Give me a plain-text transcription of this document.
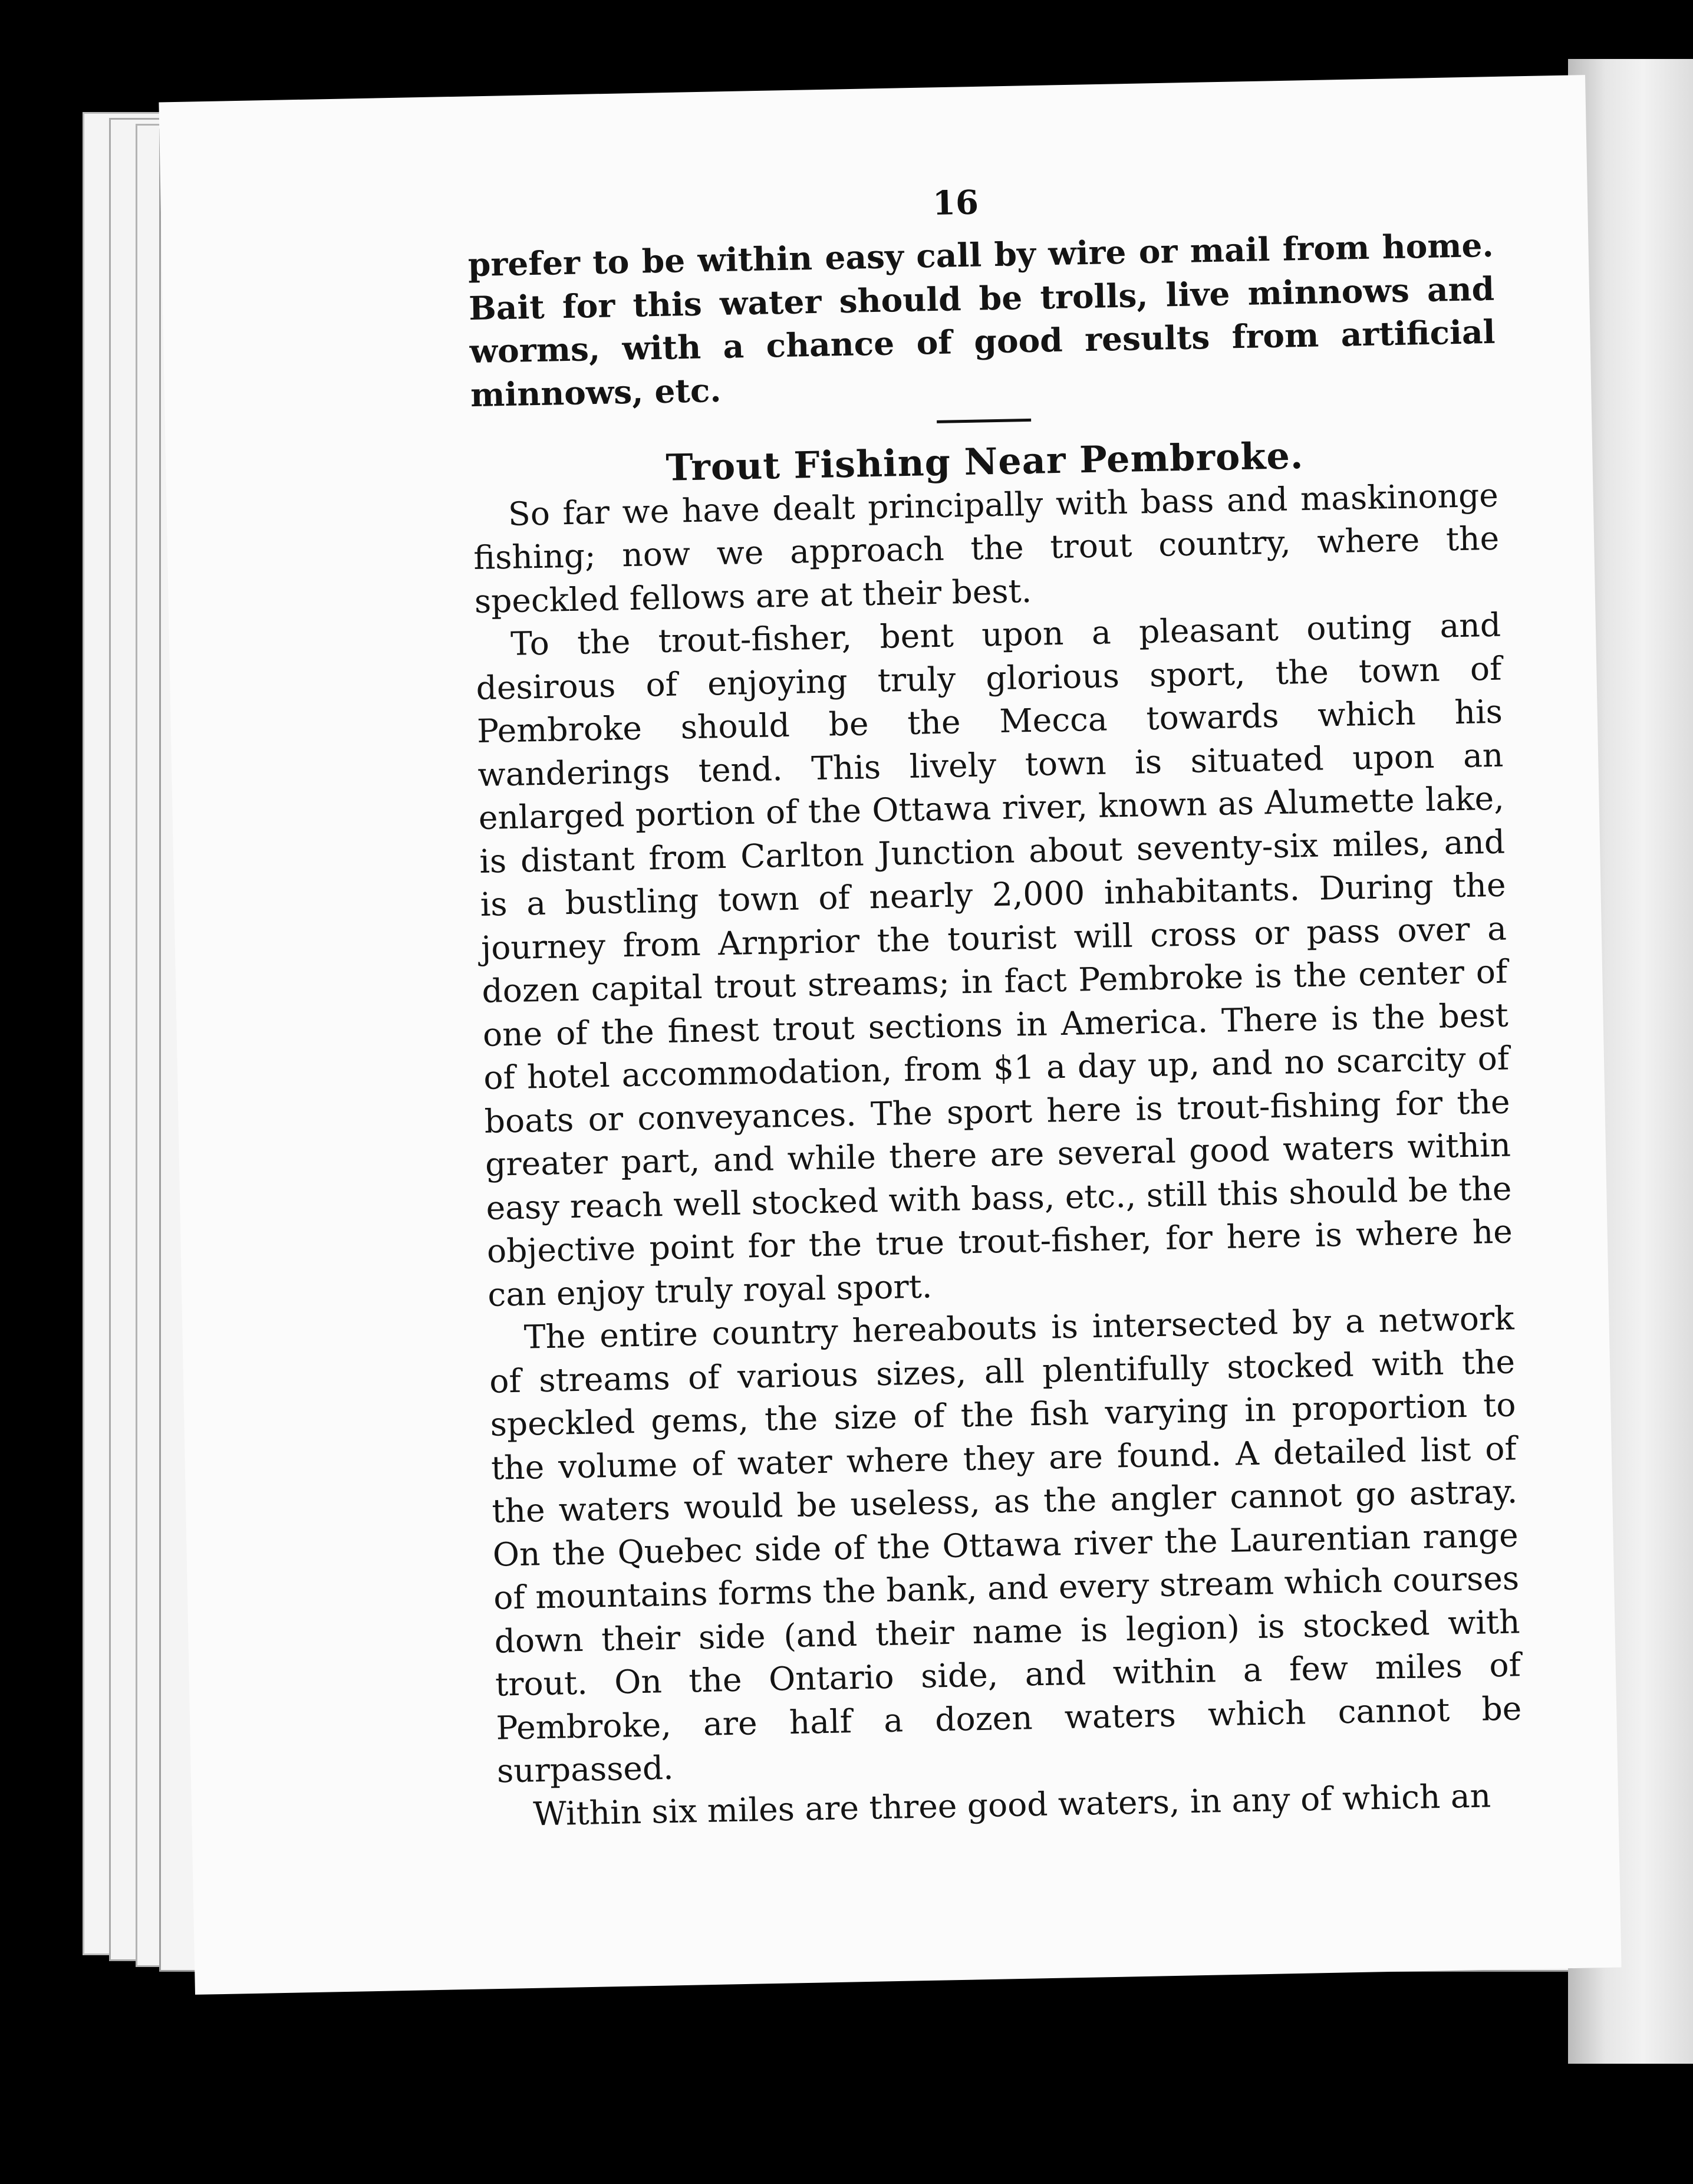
16

prefer to be within easy call by wire or mail from home. Bait for this water should be trolls, live minnows and worms, with a chance of good results from artificial minnows, etc.

Trout Fishing Near Pembroke.

So far we have dealt principally with bass and maskinonge fishing; now we approach the trout country, where the speckled fellows are at their best.

To the trout-fisher, bent upon a pleasant outing and desirous of enjoying truly glorious sport, the town of Pembroke should be the Mecca towards which his wanderings tend. This lively town is situated upon an enlarged portion of the Ottawa river, known as Alumette lake, is distant from Carlton Junction about seventy-six miles, and is a bustling town of nearly 2,000 inhabitants. During the journey from Arnprior the tourist will cross or pass over a dozen capital trout streams; in fact Pembroke is the center of one of the finest trout sections in America. There is the best of hotel accommodation, from $1 a day up, and no scarcity of boats or conveyances. The sport here is trout-fishing for the greater part, and while there are several good waters within easy reach well stocked with bass, etc., still this should be the objective point for the true trout-fisher, for here is where he can enjoy truly royal sport.

The entire country hereabouts is intersected by a network of streams of various sizes, all plentifully stocked with the speckled gems, the size of the fish varying in proportion to the volume of water where they are found. A detailed list of the waters would be useless, as the angler cannot go astray. On the Quebec side of the Ottawa river the Laurentian range of mountains forms the bank, and every stream which courses down their side (and their name is legion) is stocked with trout. On the Ontario side, and within a few miles of Pembroke, are half a dozen waters which cannot be surpassed.

Within six miles are three good waters, in any of which an
